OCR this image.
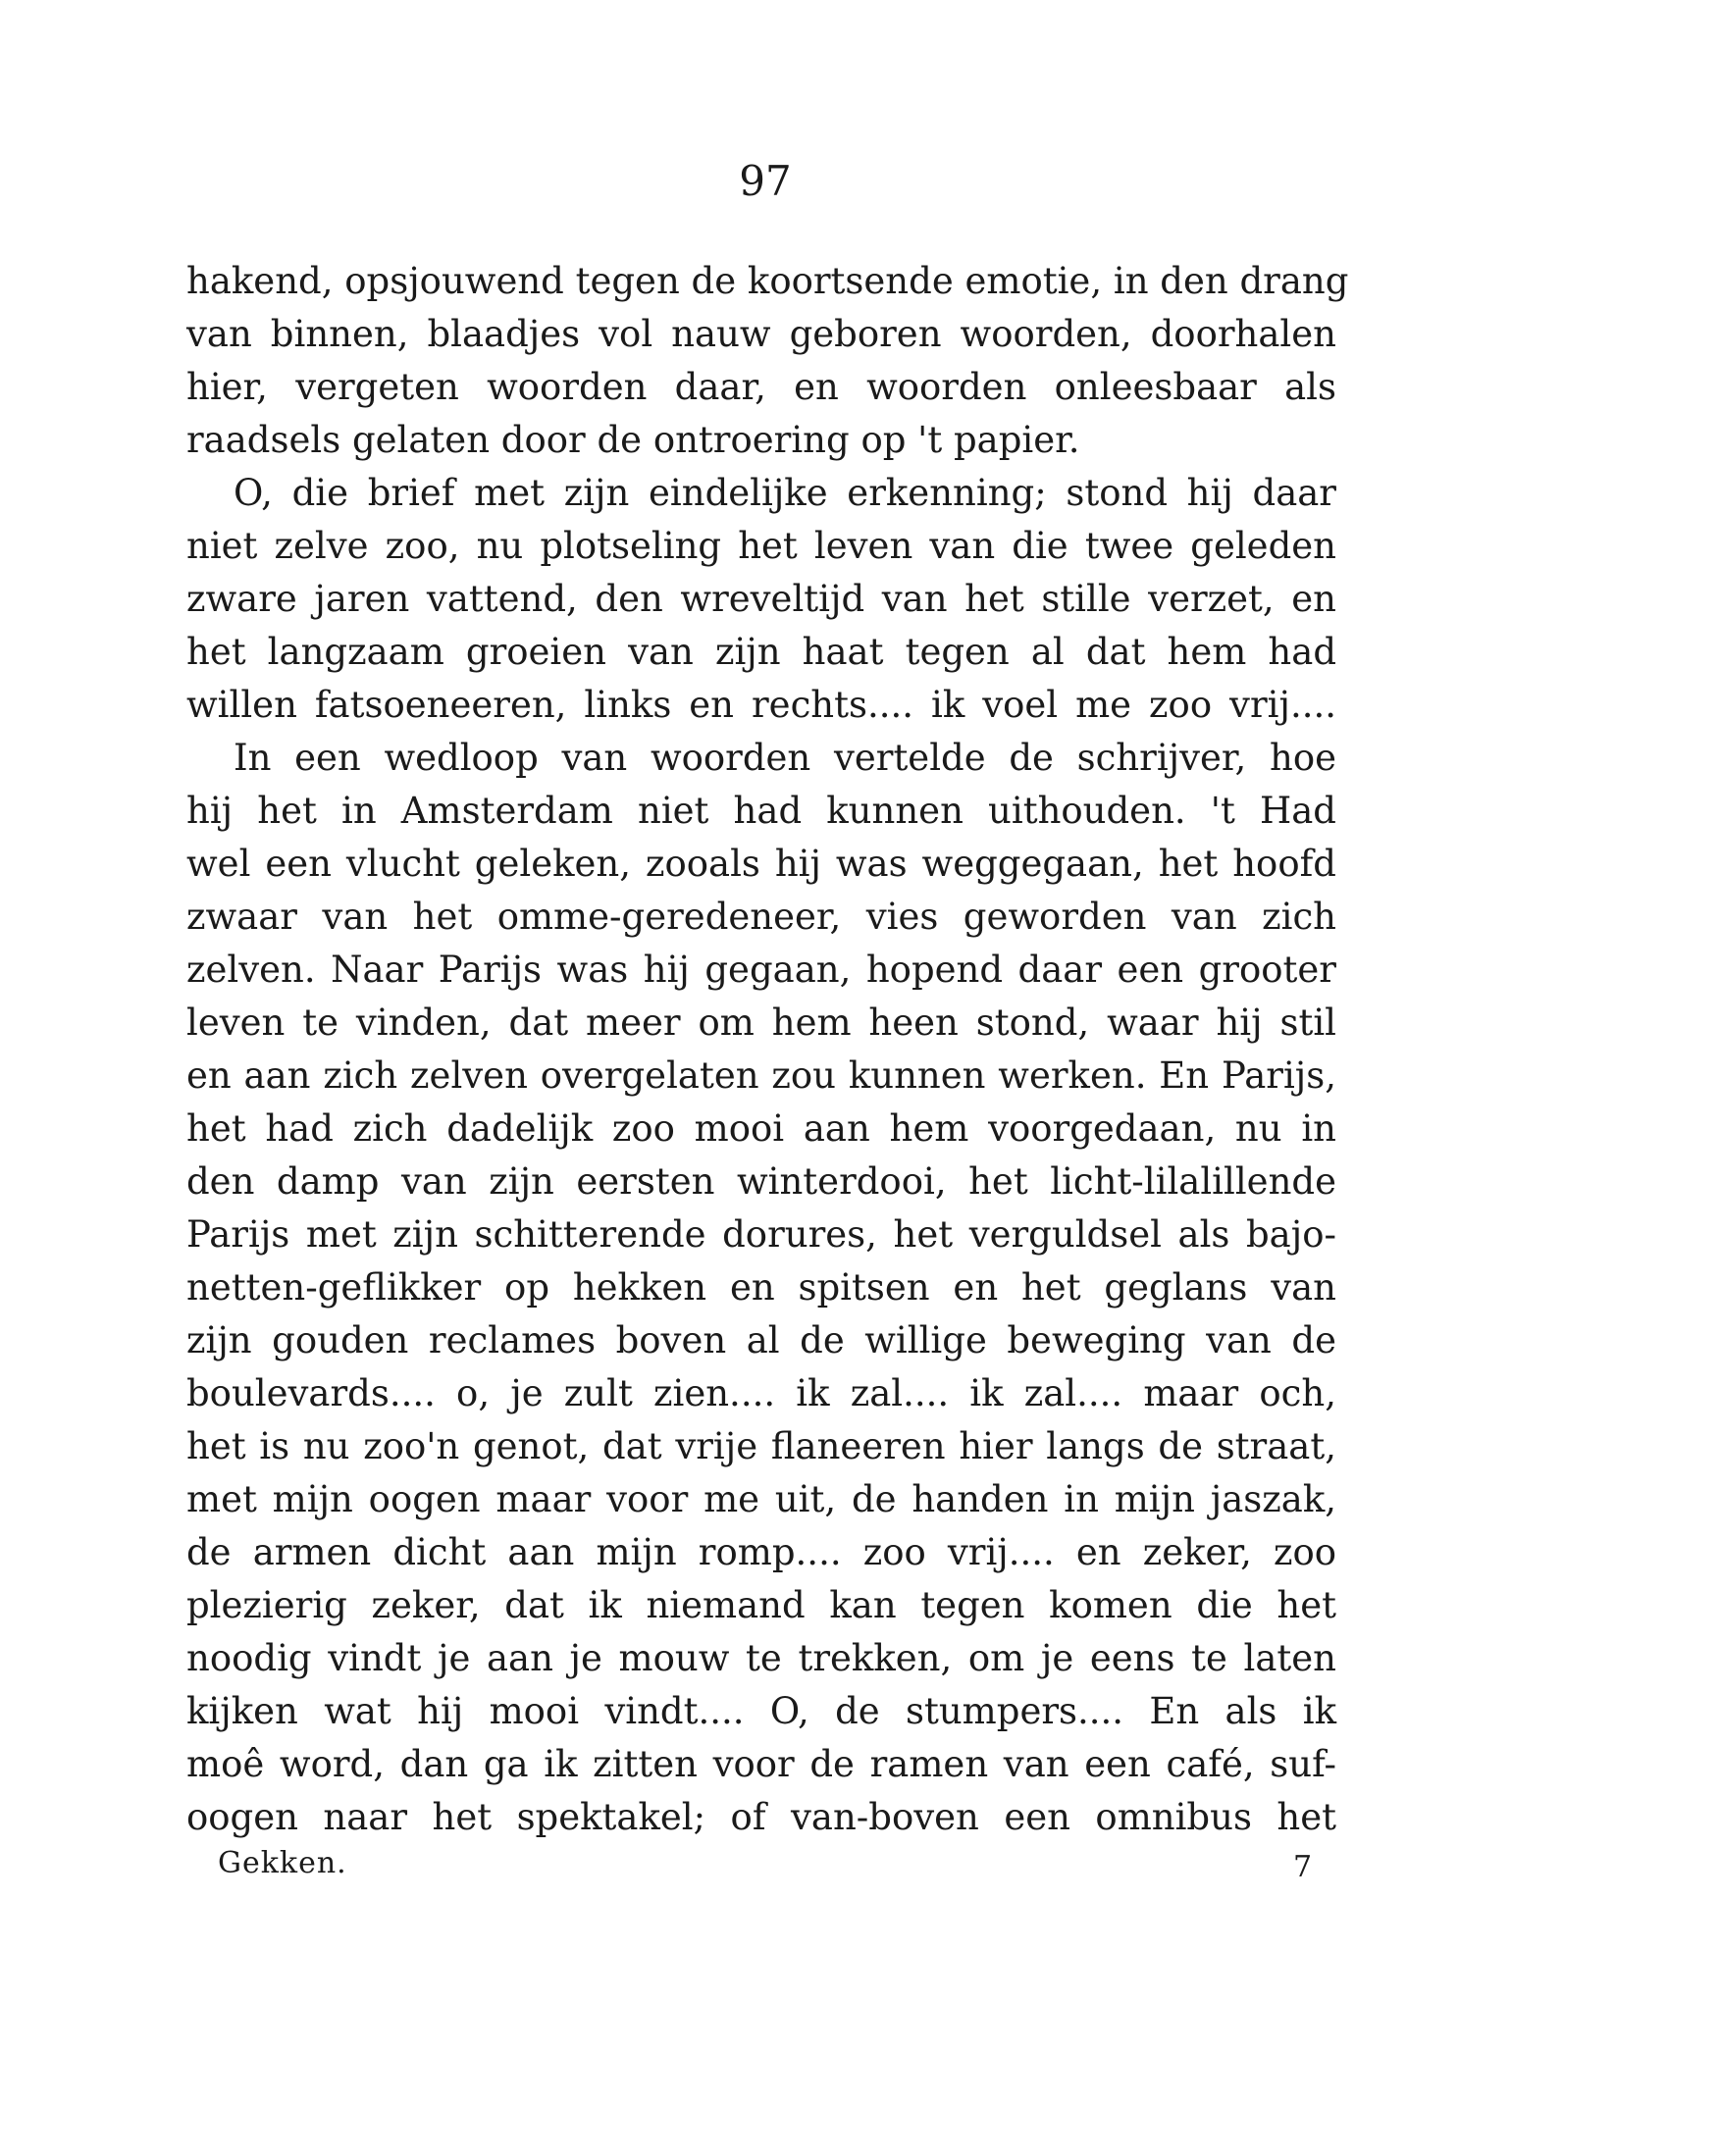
97
hakend, opsjouwend tegen de koortsende emotie, in den drang
van binnen, blaadjes vol nauw geboren woorden, doorhalen
hier, vergeten woorden daar, en woorden onleesbaar als
raadsels gelaten door de ontroering op 't papier.
O, die brief met zijn eindelijke erkenning; stond hij daar
niet zelve zoo, nu plotseling het leven van die twee geleden
zware jaren vattend, den wreveltijd van het stille verzet, en
het langzaam groeien van zijn haat tegen al dat hem had
willen fatsoeneeren, links en rechts.... ik voel me zoo vrij....
In een wedloop van woorden vertelde de schrijver, hoe
hij het in Amsterdam niet had kunnen uithouden. 't Had
wel een vlucht geleken, zooals hij was weggegaan, het hoofd
zwaar van het omme-geredeneer, vies geworden van zich
zelven. Naar Parijs was hij gegaan, hopend daar een grooter
leven te vinden, dat meer om hem heen stond, waar hij stil
en aan zich zelven overgelaten zou kunnen werken. En Parijs,
het had zich dadelijk zoo mooi aan hem voorgedaan, nu in
den damp van zijn eersten winterdooi, het licht-lilalillende
Parijs met zijn schitterende dorures, het verguldsel als bajo-
netten-geflikker op hekken en spitsen en het geglans van
zijn gouden reclames boven al de willige beweging van de
boulevards.... o, je zult zien.... ik zal.... ik zal.... maar och,
het is nu zoo'n genot, dat vrije flaneeren hier langs de straat,
met mijn oogen maar voor me uit, de handen in mijn jaszak,
de armen dicht aan mijn romp.... zoo vrij.... en zeker, zoo
plezierig zeker, dat ik niemand kan tegen komen die het
noodig vindt je aan je mouw te trekken, om je eens te laten
kijken wat hij mooi vindt.... O, de stumpers.... En als ik
moê word, dan ga ik zitten voor de ramen van een café, suf-
oogen naar het spektakel; of van-boven een omnibus het
Gekken.	7
